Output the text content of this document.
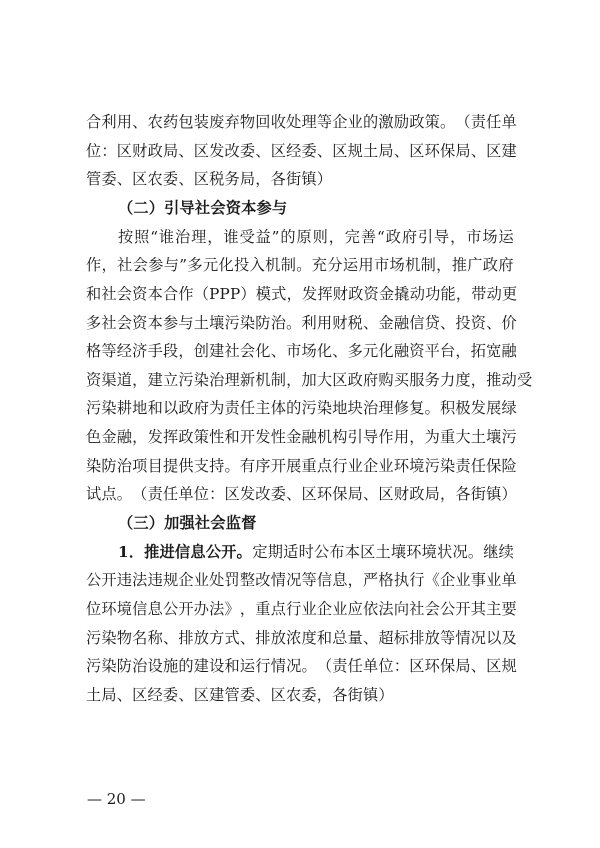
合 利 用 、 农 药 包 装 废 弃 物 回 收 处 理 等 企 业 的 激 励 政 策 。 （ 责 任 单
位 ： 区 财 政 局 、 区 发 改 委 、 区 经 委 、 区 规 土 局 、 区 环 保 局 、 区 建
管委、区农委、区税务局，各街镇）
（二）引导社会资本参与
按 照 “ 谁 治 理 ， 谁 受 益 ” 的 原 则 ， 完 善 “ 政 府 引 导 ， 市 场 运
作 ， 社 会 参 与 ” 多 元 化 投 入 机 制 。 充 分 运 用 市 场 机 制 ， 推 广 政 府
和 社 会 资 本 合 作 （ PPP ） 模 式 ， 发 挥 财 政 资 金 撬 动 功 能 ， 带 动 更
多 社 会 资 本 参 与 土 壤 污 染 防 治 。 利 用 财 税 、 金 融 信 贷 、 投 资 、 价
格 等 经 济 手 段 ， 创 建 社 会 化 、 市 场 化 、 多 元 化 融 资 平 台 ， 拓 宽 融
资 渠 道 ， 建 立 污 染 治 理 新 机 制 ， 加 大 区 政 府 购 买 服 务 力 度 ， 推 动 受
污 染 耕 地 和 以 政 府 为 责 任 主 体 的 污 染 地 块 治 理 修 复 。 积 极 发 展 绿
色 金 融 ， 发 挥 政 策 性 和 开 发 性 金 融 机 构 引 导 作 用 ， 为 重 大 土 壤 污
染 防 治 项 目 提 供 支 持 。 有 序 开 展 重 点 行 业 企 业 环 境 污 染 责 任 保 险
试 点 。 （ 责 任 单 位 ： 区 发 改 委 、 区 环 保 局 、 区 财 政 局 ， 各 街 镇 ）
（三）加强社会监督
1．推进信息公开。 定期适时公布本区土壤环境状况。继续
公 开 违 法 违 规 企 业 处 罚 整 改 情 况 等 信 息 ， 严 格 执 行 《 企 业 事 业 单
位 环 境 信 息 公 开 办 法 》 ， 重 点 行 业 企 业 应 依 法 向 社 会 公 开 其 主 要
污 染 物 名 称 、 排 放 方 式 、 排 放 浓 度 和 总 量 、 超 标 排 放 等 情 况 以 及
污 染 防 治 设 施 的 建 设 和 运 行 情 况 。 （ 责 任 单 位 ： 区 环 保 局 、 区 规
土局、区经委、区建管委、区农委，各街镇）
— 20 —
